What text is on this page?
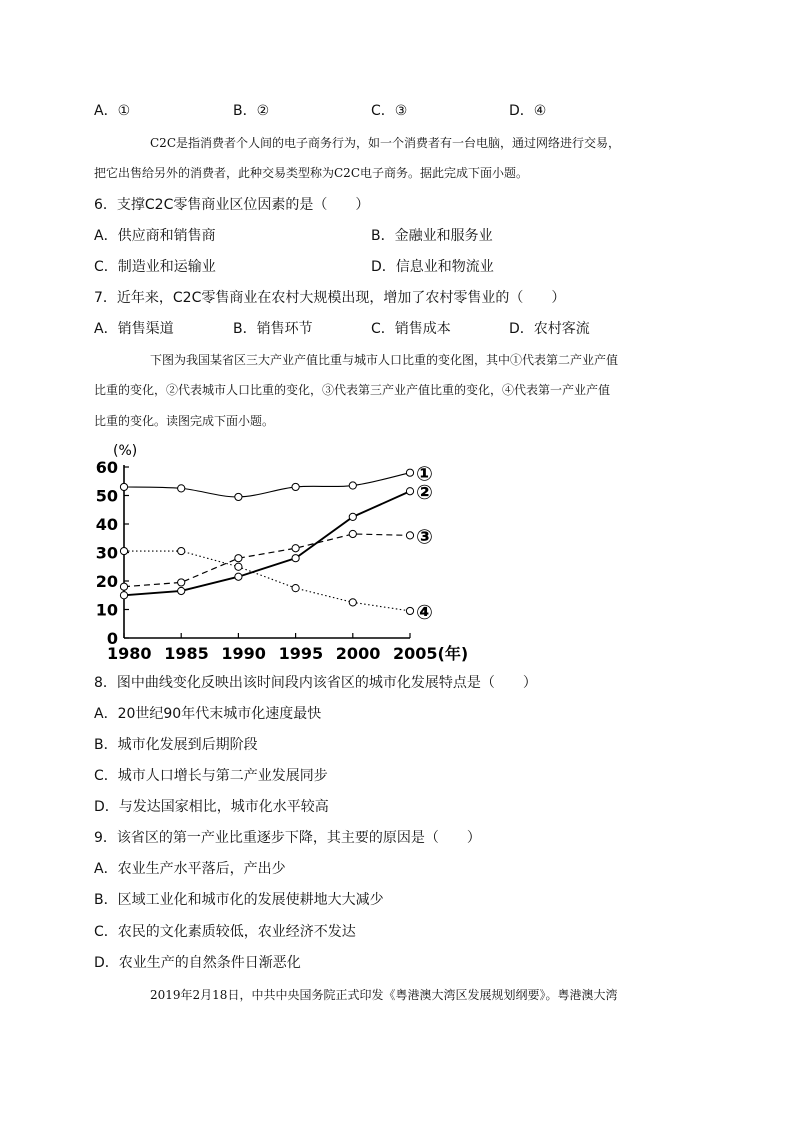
A．①	B．②	C．③	D．④
C2C是指消费者个人间的电子商务行为，如一个消费者有一台电脑，通过网络进行交易，
把它出售给另外的消费者，此种交易类型称为C2C电子商务。据此完成下面小题。
6．支撑C2C零售商业区位因素的是（　　）
A．供应商和销售商	B．金融业和服务业
C．制造业和运输业	D．信息业和物流业
7．近年来，C2C零售商业在农村大规模出现，增加了农村零售业的（　　）
A．销售渠道	B．销售环节	C．销售成本	D．农村客流
下图为我国某省区三大产业产值比重与城市人口比重的变化图，其中①代表第二产业产值
比重的变化，②代表城市人口比重的变化，③代表第三产业产值比重的变化，④代表第一产业产值
比重的变化。读图完成下面小题。
(%)
0
10
20
30
40
50
60
1980 1985 1990 1995 2000 2005(年)
①
②
③
④
8．图中曲线变化反映出该时间段内该省区的城市化发展特点是（　　）
A．20世纪90年代末城市化速度最快
B．城市化发展到后期阶段
C．城市人口增长与第二产业发展同步
D．与发达国家相比，城市化水平较高
9．该省区的第一产业比重逐步下降，其主要的原因是（　　）
A．农业生产水平落后，产出少
B．区域工业化和城市化的发展使耕地大大减少
C．农民的文化素质较低，农业经济不发达
D．农业生产的自然条件日渐恶化
2019年2月18日，中共中央国务院正式印发《粤港澳大湾区发展规划纲要》。粤港澳大湾
